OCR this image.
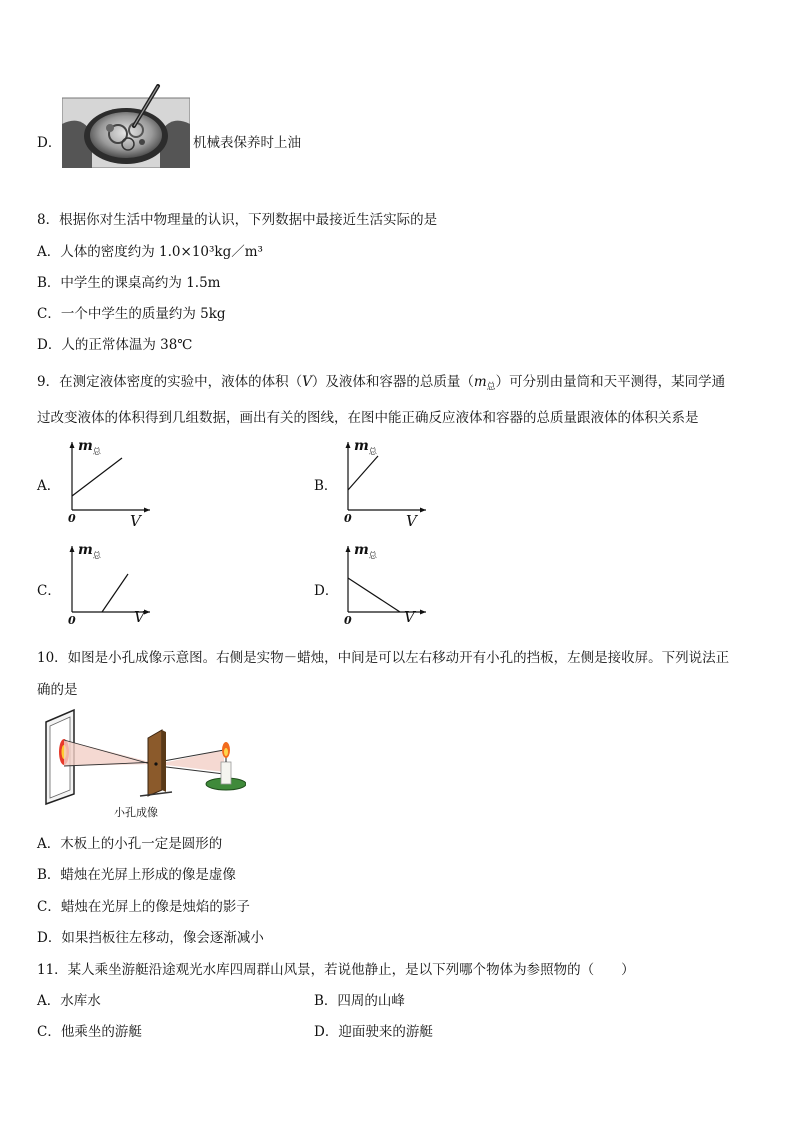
D．	机械表保养时上油
8．根据你对生活中物理量的认识，下列数据中最接近生活实际的是
A．人体的密度约为 1.0×10³kg／m³
B．中学生的课桌高约为 1.5m
C．一个中学生的质量约为 5kg
D．人的正常体温为 38℃
9．在测定液体密度的实验中，液体的体积（V）及液体和容器的总质量$(m_总)$可分别由量筒和天平测得，某同学通
过改变液体的体积得到几组数据，画出有关的图线，在图中能正确反应液体和容器的总质量跟液体的体积关系是
A．
$m_总$
0	V
B．
$m_总$
0	V
C．
$m_总$
0	V
D．
$m_总$
0	V
10．如图是小孔成像示意图。右侧是实物－蜡烛，中间是可以左右移动开有小孔的挡板，左侧是接收屏。下列说法正
确的是
小孔成像
A．木板上的小孔一定是圆形的
B．蜡烛在光屏上形成的像是虚像
C．蜡烛在光屏上的像是烛焰的影子
D．如果挡板往左移动，像会逐渐减小
11．某人乘坐游艇沿途观光水库四周群山风景，若说他静止，是以下列哪个物体为参照物的（　　）
A．水库水	B．四周的山峰
C．他乘坐的游艇	D．迎面驶来的游艇
